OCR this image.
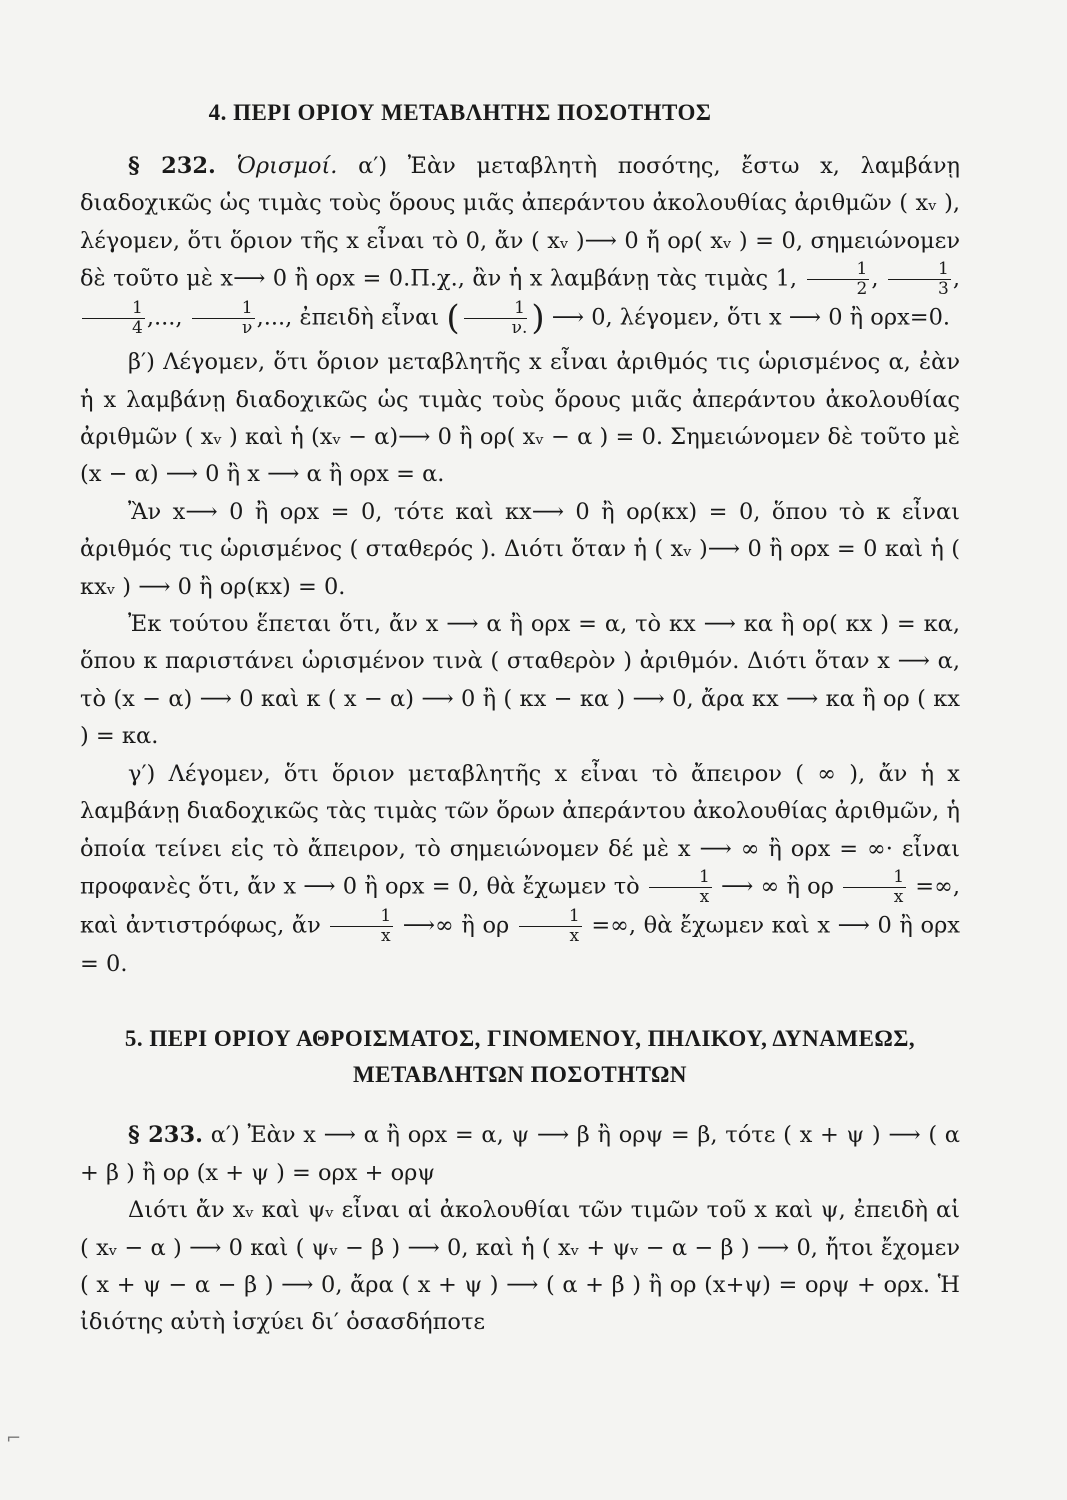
4. ΠΕΡΙ ΟΡΙΟΥ ΜΕΤΑΒΛΗΤΗΣ ΠΟΣΟΤΗΤΟΣ

§ 232. Ὁρισμοί. α′) Ἐὰν μεταβλητὴ ποσότης, ἔστω x, λαμβάνῃ διαδοχικῶς ὡς τιμὰς τοὺς ὅρους μιᾶς ἀπεράντου ἀκολουθίας ἀριθμῶν ( xᵥ ), λέγομεν, ὅτι ὅριον τῆς x εἶναι τὸ 0, ἄν ( xᵥ )⟶ 0 ἤ ορ( xᵥ ) = 0, σημειώνομεν δὲ τοῦτο μὲ x⟶ 0 ἢ ορx = 0.Π.χ., ἂν ἡ x λαμβάνῃ τὰς τιμὰς 1, $\frac{1}{2}$ , $\frac{1}{3}$ ,
$\frac{1}{4}$ ,..., $\frac{1}{\nu}$ ,..., ἐπειδὴ εἶναι ( $\frac{1}{\nu.}$ ) ⟶ 0, λέγομεν, ὅτι x ⟶ 0 ἢ ορx=0.

β′) Λέγομεν, ὅτι ὅριον μεταβλητῆς x εἶναι ἀριθμός τις ὡρισμένος α, ἐὰν ἡ x λαμβάνῃ διαδοχικῶς ὡς τιμὰς τοὺς ὅρους μιᾶς ἀπεράντου ἀκολουθίας ἀριθμῶν ( xᵥ ) καὶ ἡ (xᵥ − α)⟶ 0 ἢ ορ( xᵥ − α ) = 0. Σημειώνομεν δὲ τοῦτο μὲ (x − α) ⟶ 0 ἢ x ⟶ α ἢ ορx = α.

Ἂν x⟶ 0 ἢ ορx = 0, τότε καὶ κx⟶ 0 ἢ ορ(κx) = 0, ὅπου τὸ κ εἶναι ἀριθμός τις ὡρισμένος ( σταθερός ). Διότι ὅταν ἡ ( xᵥ )⟶ 0 ἢ ορx = 0 καὶ ἡ ( κxᵥ ) ⟶ 0 ἢ ορ(κx) = 0.

Ἐκ τούτου ἕπεται ὅτι, ἄν x ⟶ α ἢ ορx = α, τὸ κx ⟶ κα ἢ ορ( κx ) = κα, ὅπου κ παριστάνει ὡρισμένον τινὰ ( σταθερὸν ) ἀριθμόν. Διότι ὅταν x ⟶ α, τὸ (x − α) ⟶ 0 καὶ κ ( x − α) ⟶ 0 ἢ ( κx − κα ) ⟶ 0, ἄρα κx ⟶ κα ἢ ορ ( κx ) = κα.

γ′) Λέγομεν, ὅτι ὅριον μεταβλητῆς x εἶναι τὸ ἄπειρον ( ∞ ), ἄν ἡ x λαμβάνῃ διαδοχικῶς τὰς τιμὰς τῶν ὅρων ἀπεράντου ἀκολουθίας ἀριθμῶν, ἡ ὁποία τείνει εἰς τὸ ἄπειρον, τὸ σημειώνομεν δέ μὲ x ⟶ ∞ ἢ ορx = ∞· εἶναι προφανὲς ὅτι, ἄν x ⟶ 0 ἢ ορx = 0, θὰ ἔχωμεν τὸ $\frac{1}{x}$ ⟶ ∞ ἢ ορ $\frac{1}{x}$ =∞, καὶ ἀντιστρόφως, ἄν $\frac{1}{x}$ ⟶∞ ἢ ορ $\frac{1}{x}$ =∞, θὰ ἔχωμεν καὶ x ⟶ 0 ἢ ορx = 0.

5. ΠΕΡΙ ΟΡΙΟΥ ΑΘΡΟΙΣΜΑΤΟΣ, ΓΙΝΟΜΕΝΟΥ, ΠΗΛΙΚΟΥ, ΔΥΝΑΜΕΩΣ,
ΜΕΤΑΒΛΗΤΩΝ ΠΟΣΟΤΗΤΩΝ

§ 233. α′) Ἐὰν x ⟶ α ἢ ορx = α, ψ ⟶ β ἢ ορψ = β, τότε ( x + ψ ) ⟶ ( α + β ) ἢ ορ (x + ψ ) = ορx + ορψ

Διότι ἄν xᵥ καὶ ψᵥ εἶναι αἱ ἀκολουθίαι τῶν τιμῶν τοῦ x καὶ ψ, ἐπειδὴ αἱ ( xᵥ − α ) ⟶ 0 καὶ ( ψᵥ − β ) ⟶ 0, καὶ ἡ ( xᵥ + ψᵥ − α − β ) ⟶ 0, ἤτοι ἔχομεν ( x + ψ − α − β ) ⟶ 0, ἄρα ( x + ψ ) ⟶ ( α + β ) ἢ ορ (x+ψ) = ορψ + ορx. Ἡ ἰδιότης αὐτὴ ἰσχύει δι′ ὁσασδήποτε

⌐
